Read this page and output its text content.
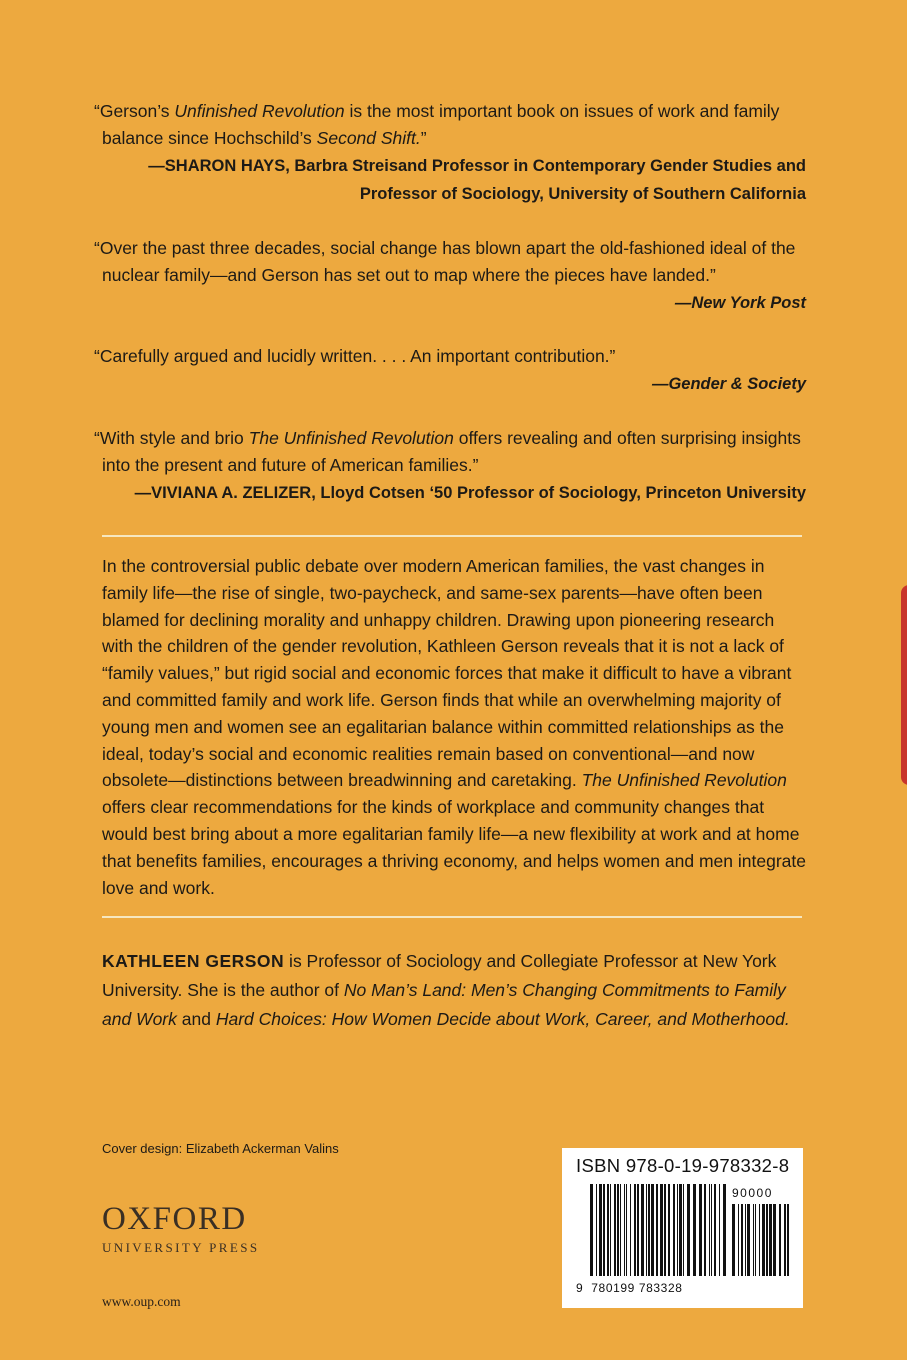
“Gerson’s Unfinished Revolution is the most important book on issues of work and family balance since Hochschild’s Second Shift.”
—SHARON HAYS, Barbra Streisand Professor in Contemporary Gender Studies and
Professor of Sociology, University of Southern California
“Over the past three decades, social change has blown apart the old-fashioned ideal of the nuclear family—and Gerson has set out to map where the pieces have landed.”
—New York Post
“Carefully argued and lucidly written. . . . An important contribution.”
—Gender & Society
“With style and brio The Unfinished Revolution offers revealing and often surprising insights into the present and future of American families.”
—VIVIANA A. ZELIZER, Lloyd Cotsen ‘50 Professor of Sociology, Princeton University
In the controversial public debate over modern American families, the vast changes in family life—the rise of single, two-paycheck, and same-sex parents—have often been blamed for declining morality and unhappy children. Drawing upon pioneering research with the children of the gender revolution, Kathleen Gerson reveals that it is not a lack of “family values,” but rigid social and economic forces that make it difficult to have a vibrant and committed family and work life. Gerson finds that while an overwhelming majority of young men and women see an egalitarian balance within committed relationships as the ideal, today’s social and economic realities remain based on conventional—and now obsolete—distinctions between breadwinning and caretaking. The Unfinished Revolution offers clear recommendations for the kinds of workplace and community changes that would best bring about a more egalitarian family life—a new flexibility at work and at home that benefits families, encourages a thriving economy, and helps women and men integrate love and work.
KATHLEEN GERSON is Professor of Sociology and Collegiate Professor at New York University. She is the author of No Man’s Land: Men’s Changing Commitments to Family and Work and Hard Choices: How Women Decide about Work, Career, and Motherhood.
Cover design: Elizabeth Ackerman Valins
OXFORD
UNIVERSITY PRESS
www.oup.com
ISBN 978-0-19-978332-8
90000
9 780199 783328
